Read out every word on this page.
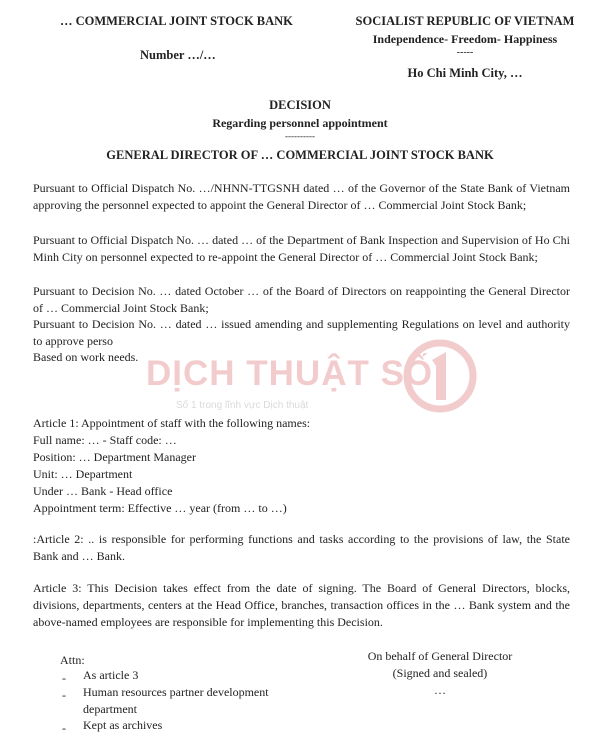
… COMMERCIAL JOINT STOCK BANK
Number …/…
SOCIALIST REPUBLIC OF VIETNAM
Independence- Freedom- Happiness
-----
Ho Chi Minh City, …
DECISION
Regarding personnel appointment
----------
GENERAL DIRECTOR OF … COMMERCIAL JOINT STOCK BANK
Pursuant to Official Dispatch No. …/NHNN-TTGSNH dated … of the Governor of the State Bank of Vietnam approving the personnel expected to appoint the General Director of … Commercial Joint Stock Bank;
Pursuant to Official Dispatch No. … dated … of the Department of Bank Inspection and Supervision of Ho Chi Minh City on personnel expected to re-appoint the General Director of … Commercial Joint Stock Bank;
Pursuant to Decision No. … dated October … of the Board of Directors on reappointing the General Director of … Commercial Joint Stock Bank;
Pursuant to Decision No. … dated … issued amending and supplementing Regulations on level and authority to approve perso
Based on work needs. DỊCH THUẬT SỐ
Số 1 trong lĩnh vực Dịch thuật
Article 1: Appointment of staff with the following names:
Full name: … - Staff code: …
Position: … Department Manager
Unit: … Department
Under … Bank - Head office
Appointment term: Effective … year (from … to …)
:Article 2: .. is responsible for performing functions and tasks according to the provisions of law, the State Bank and … Bank.
Article 3: This Decision takes effect from the date of signing. The Board of General Directors, blocks, divisions, departments, centers at the Head Office, branches, transaction offices in the … Bank system and the above-named employees are responsible for implementing this Decision.
Attn:
- As article 3
- Human resources partner development department
- Kept as archives
On behalf of General Director
(Signed and sealed)
…
